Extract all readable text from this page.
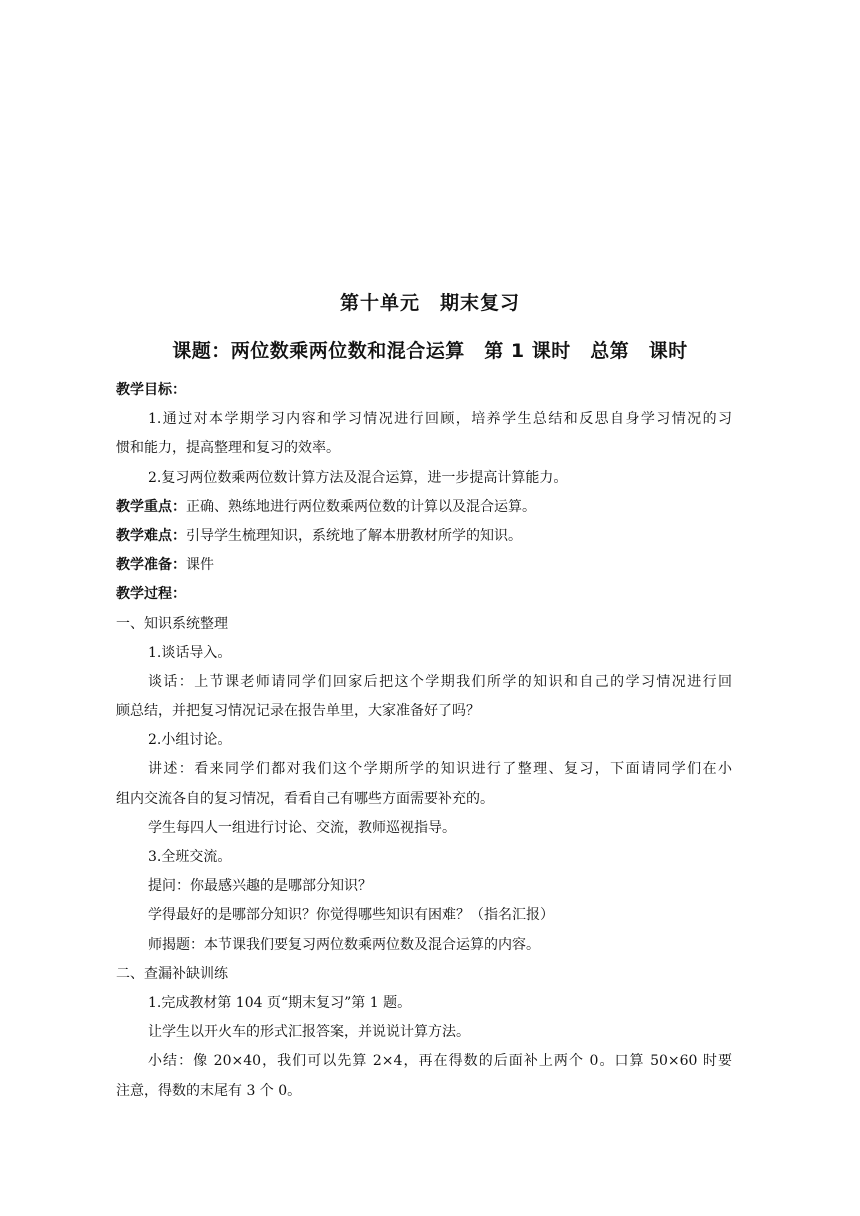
第十单元　期末复习
课题：两位数乘两位数和混合运算　第 1 课时　总第　课时
教学目标：
1.通过对本学期学习内容和学习情况进行回顾，培养学生总结和反思自身学习情况的习
惯和能力，提高整理和复习的效率。
2.复习两位数乘两位数计算方法及混合运算，进一步提高计算能力。
教学重点：正确、熟练地进行两位数乘两位数的计算以及混合运算。
教学难点：引导学生梳理知识，系统地了解本册教材所学的知识。
教学准备：课件
教学过程：
一、知识系统整理
1.谈话导入。
谈话：上节课老师请同学们回家后把这个学期我们所学的知识和自己的学习情况进行回
顾总结，并把复习情况记录在报告单里，大家准备好了吗？
2.小组讨论。
讲述：看来同学们都对我们这个学期所学的知识进行了整理、复习，下面请同学们在小
组内交流各自的复习情况，看看自己有哪些方面需要补充的。
学生每四人一组进行讨论、交流，教师巡视指导。
3.全班交流。
提问：你最感兴趣的是哪部分知识？
学得最好的是哪部分知识？你觉得哪些知识有困难？（指名汇报）
师揭题：本节课我们要复习两位数乘两位数及混合运算的内容。
二、查漏补缺训练
1.完成教材第 104 页“期末复习”第 1 题。
让学生以开火车的形式汇报答案，并说说计算方法。
小结：像 20×40，我们可以先算 2×4，再在得数的后面补上两个 0。口算 50×60 时要
注意，得数的末尾有 3 个 0。
